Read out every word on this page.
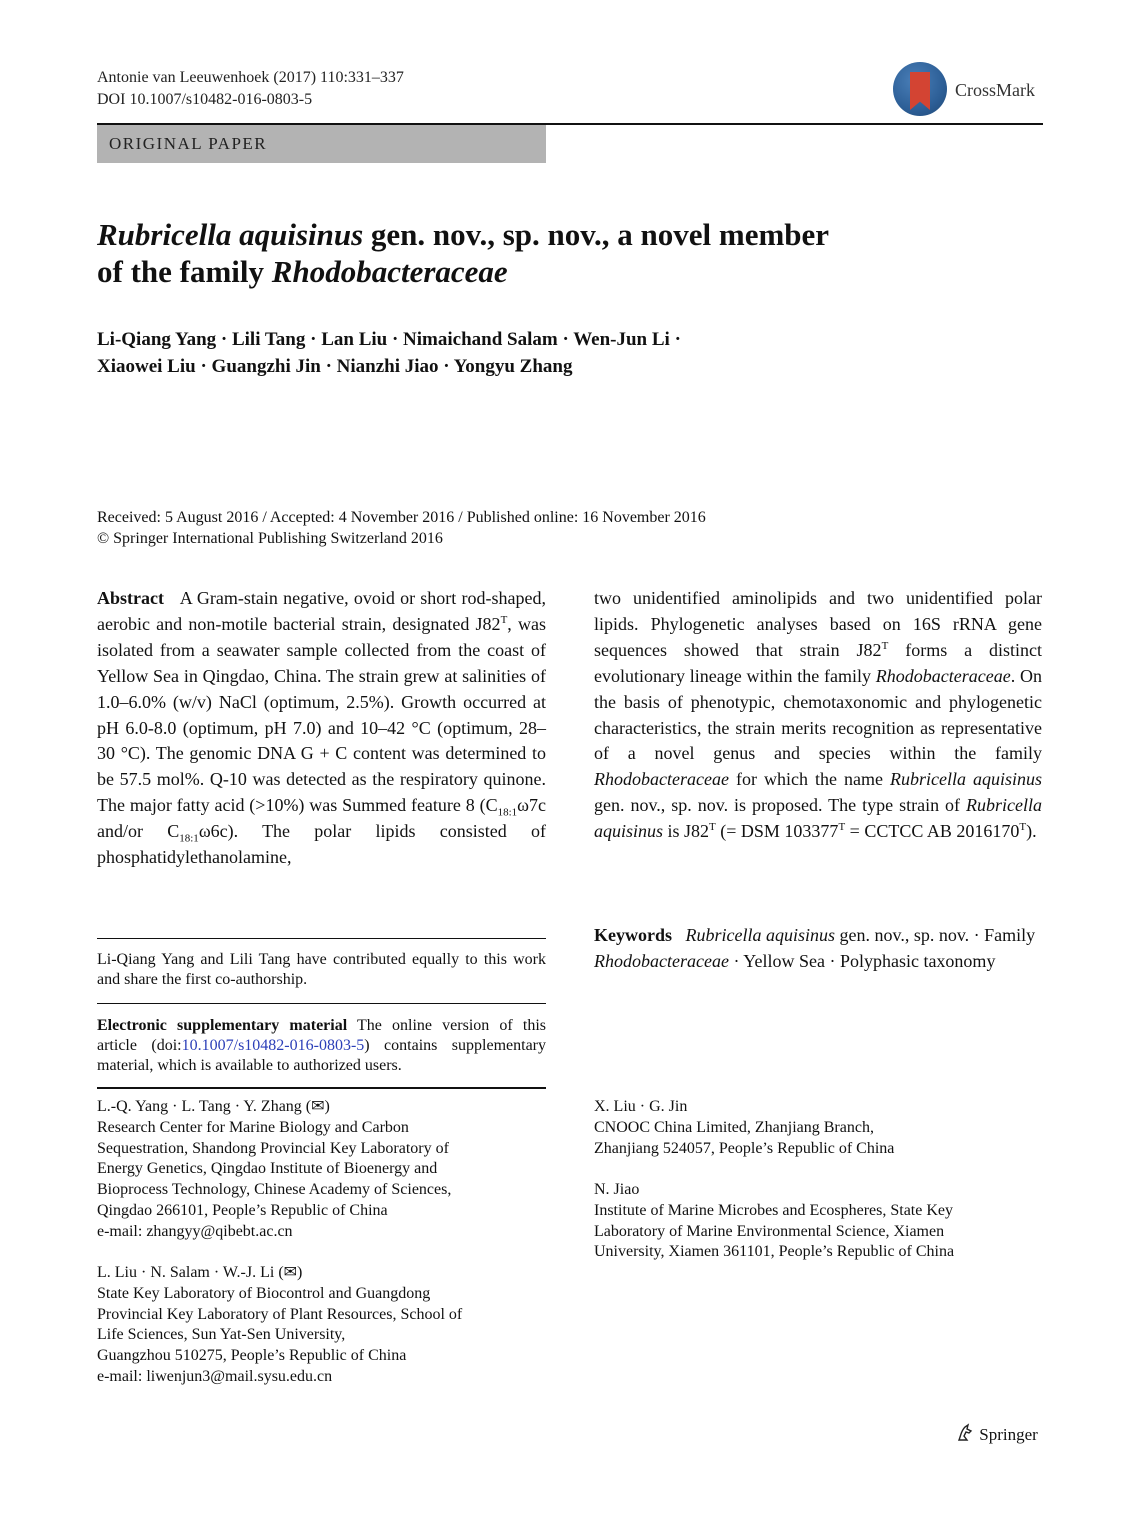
Antonie van Leeuwenhoek (2017) 110:331–337
DOI 10.1007/s10482-016-0803-5	CrossMark
ORIGINAL PAPER
Rubricella aquisinus gen. nov., sp. nov., a novel member
of the family Rhodobacteraceae
Li-Qiang Yang · Lili Tang · Lan Liu · Nimaichand Salam · Wen-Jun Li ·
Xiaowei Liu · Guangzhi Jin · Nianzhi Jiao · Yongyu Zhang
Received: 5 August 2016 / Accepted: 4 November 2016 / Published online: 16 November 2016
© Springer International Publishing Switzerland 2016
Abstract A Gram-stain negative, ovoid or short rod-shaped, aerobic and non-motile bacterial strain, designated $J82^T$, was isolated from a seawater sample collected from the coast of Yellow Sea in Qingdao, China. The strain grew at salinities of 1.0–6.0% (w/v) NaCl (optimum, 2.5%). Growth occurred at pH 6.0-8.0 (optimum, pH 7.0) and 10–42 °C (optimum, 28–30 °C). The genomic DNA G + C content was determined to be 57.5 mol%. Q-10 was detected as the respiratory quinone. The major fatty acid (>10%) was Summed feature 8 ($C_{18:1}\omega 7c$ and/or $C_{18:1}\omega 6c$). The polar lipids consisted of phosphatidylethanolamine,
two unidentified aminolipids and two unidentified polar lipids. Phylogenetic analyses based on 16S rRNA gene sequences showed that strain $J82^T$ forms a distinct evolutionary lineage within the family Rhodobacteraceae. On the basis of phenotypic, chemotaxonomic and phylogenetic characteristics, the strain merits recognition as representative of a novel genus and species within the family Rhodobacteraceae for which the name Rubricella aquisinus gen. nov., sp. nov. is proposed. The type strain of Rubricella aquisinus is $J82^T$ (= DSM $103377^T$ = CCTCC AB $2016170^T$).
Keywords Rubricella aquisinus gen. nov., sp. nov. · Family Rhodobacteraceae · Yellow Sea · Polyphasic taxonomy
Li-Qiang Yang and Lili Tang have contributed equally to this work and share the first co-authorship.
Electronic supplementary material The online version of this article (doi:10.1007/s10482-016-0803-5) contains supplementary material, which is available to authorized users.
L.-Q. Yang · L. Tang · Y. Zhang (✉)
Research Center for Marine Biology and Carbon
Sequestration, Shandong Provincial Key Laboratory of
Energy Genetics, Qingdao Institute of Bioenergy and
Bioprocess Technology, Chinese Academy of Sciences,
Qingdao 266101, People’s Republic of China
e-mail: zhangyy@qibebt.ac.cn
L. Liu · N. Salam · W.-J. Li (✉)
State Key Laboratory of Biocontrol and Guangdong
Provincial Key Laboratory of Plant Resources, School of
Life Sciences, Sun Yat-Sen University,
Guangzhou 510275, People’s Republic of China
e-mail: liwenjun3@mail.sysu.edu.cn
X. Liu · G. Jin
CNOOC China Limited, Zhanjiang Branch,
Zhanjiang 524057, People’s Republic of China
N. Jiao
Institute of Marine Microbes and Ecospheres, State Key
Laboratory of Marine Environmental Science, Xiamen
University, Xiamen 361101, People’s Republic of China
Springer
